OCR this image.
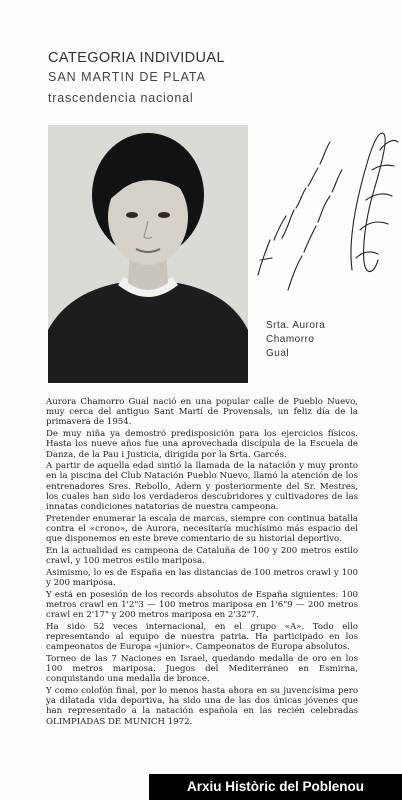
CATEGORIA INDIVIDUAL
SAN MARTIN DE PLATA
trascendencia nacional
Srta. Aurora
Chamorro
Gual

Aurora Chamorro Gual nació en una popular calle de Pueblo Nuevo, muy cerca del antiguo Sant Martí de Provensals, un feliz día de la primavera de 1954.

De muy niña ya demostró predisposición para los ejercicios físicos. Hasta los nueve años fue una aprovechada discípula de la Escuela de Danza, de la Pau i Justicia, dirigida por la Srta. Garcés.

A partir de aquella edad sintió la llamada de la natación y muy pronto en la piscina del Club Natación Pueblo Nuevo, llamó la atención de los entrenadores Sres. Rebollo, Adern y posteriormente del Sr. Mestres, los cuales han sido los verdaderos descubridores y cultivadores de las innatas condiciones natatorias de nuestra campeona.

Pretender enumerar la escala de marcas, siempre con continua batalla contra el «crono», de Aurora, necesitaría muchísimo más espacio del que disponemos en este breve comentario de su historial deportivo.

En la actualidad es campeona de Cataluña de 100 y 200 metros estilo crawl, y 100 metros estilo mariposa.

Asimismo, lo es de España en las distancias de 100 metros crawl y 100 y 200 mariposa.

Y está en posesión de los records absolutos de España siguientes: 100 metros crawl en 1'2"3 — 100 metros mariposa en 1'6"9 — 200 metros crawl en 2'17" y 200 metros mariposa en 2'32"7.

Ha sido 52 veces internacional, en el grupo «A». Todo ello representando al equipo de nuestra patria. Ha participado en los campeonatos de Europa «junior». Campeonatos de Europa absolutos.

Torneo de las 7 Naciones en Israel, quedando medalla de oro en los 100 metros mariposa. Juegos del Mediterráneo en Esmirna, conquistando una medalla de bronce.

Y como colofón final, por lo menos hasta ahora en su juvencísima pero ya dilatada vida deportiva, ha sido una de las dos únicas jóvenes que han representado a la natación española en las recién celebradas OLIMPIADAS DE MUNICH 1972.

Arxiu Històric del Poblenou
